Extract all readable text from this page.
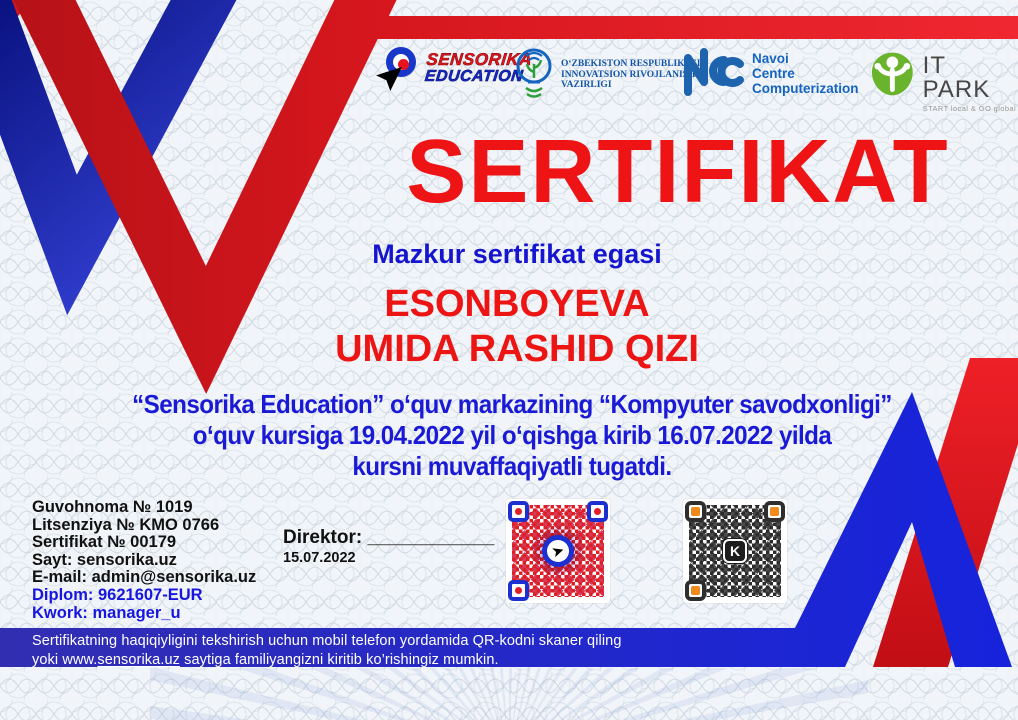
SENSORIKA
EDUCATION
O‘ZBEKISTON RESPUBLIKASI
INNOVATSION RIVOJLANISH
VAZIRLIGI
Navoi
Centre
Computerization
IT PARK
START local & GO global
SERTIFIKAT
Mazkur sertifikat egasi
ESONBOYEVA
UMIDA RASHID QIZI
“Sensorika Education” o‘quv markazining “Kompyuter savodxonligi”
o‘quv kursiga 19.04.2022 yil o‘qishga kirib 16.07.2022 yilda
kursni muvaffaqiyatli tugatdi.
Guvohnoma № 1019
Litsenziya № KMO 0766
Sertifikat № 00179
Sayt: sensorika.uz
E-mail: admin@sensorika.uz
Diplom: 9621607-EUR
Kwork: manager_u
Direktor: ____________
15.07.2022	➤	K
Sertifikatning haqiqiyligini tekshirish uchun mobil telefon yordamida QR-kodni skaner qiling
yoki www.sensorika.uz saytiga familiyangizni kiritib ko’rishingiz mumkin.
